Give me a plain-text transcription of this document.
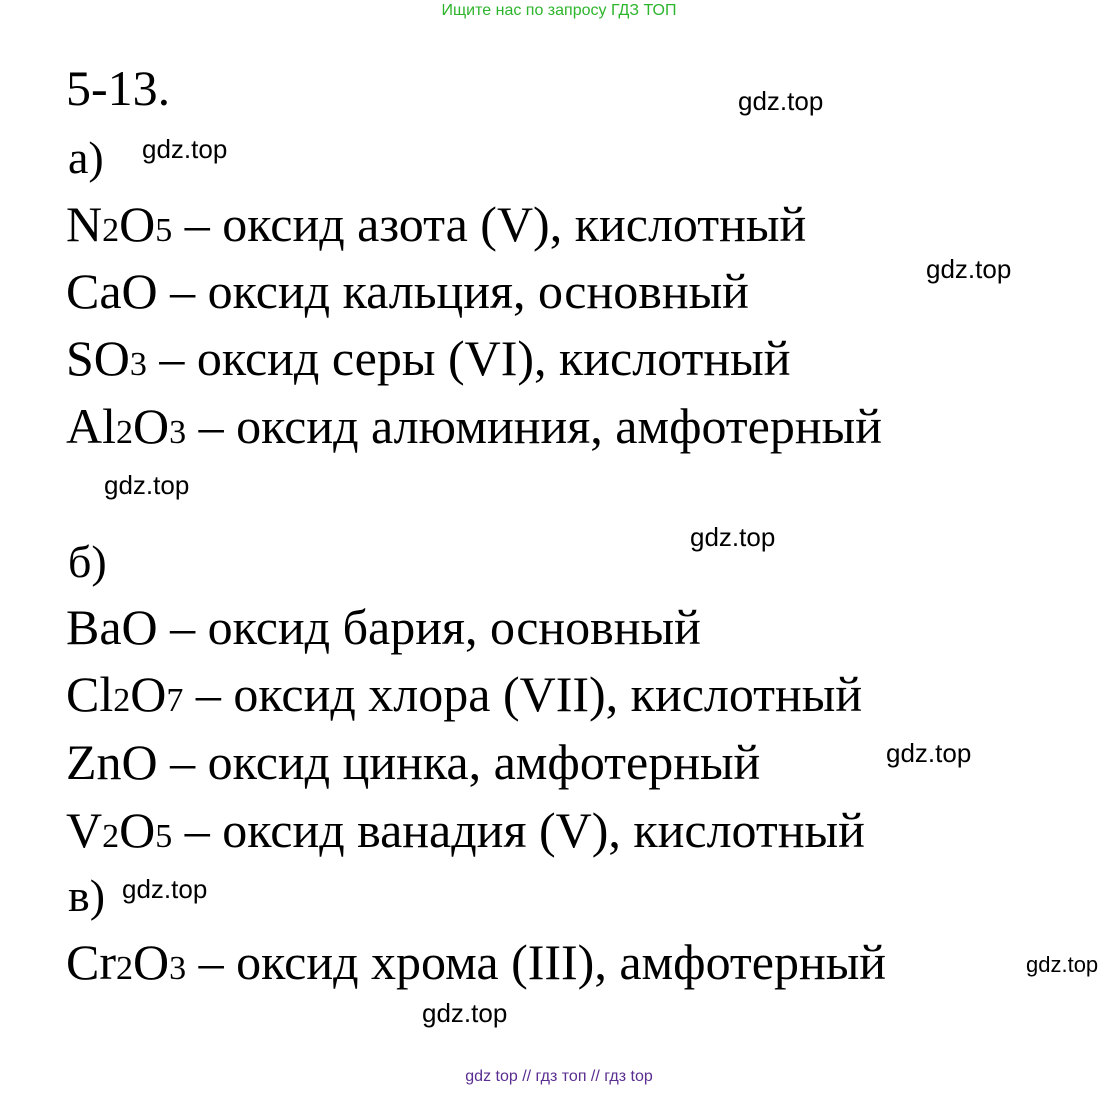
Ищите нас по запросу ГДЗ ТОП
5-13.
а)
N2O5 – оксид азота (V), кислотный
CaO – оксид кальция, основный
SO3 – оксид серы (VI), кислотный
Al2O3 – оксид алюминия, амфотерный
б)
BaO – оксид бария, основный
Cl2O7 – оксид хлора (VII), кислотный
ZnO – оксид цинка, амфотерный
V2O5 – оксид ванадия (V), кислотный
в)
Cr2O3 – оксид хрома (III), амфотерный
gdz.top
gdz.top
gdz.top
gdz.top
gdz.top
gdz.top
gdz.top
gdz.top
gdz.top
gdz top // гдз топ // гдз top
